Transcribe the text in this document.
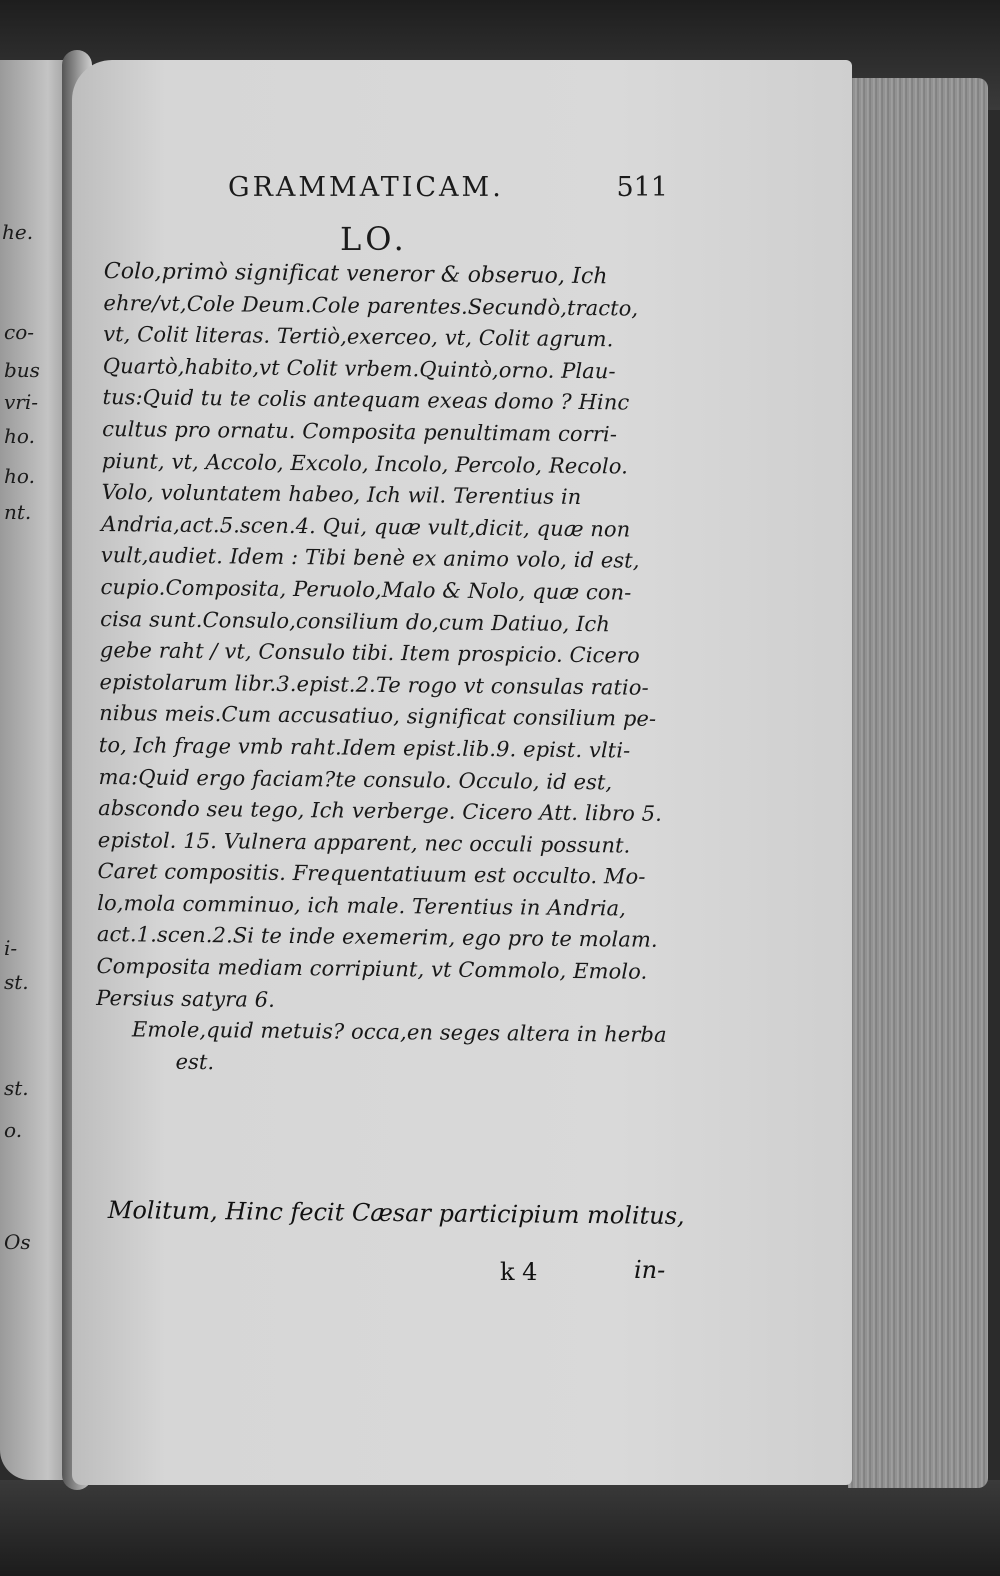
he.
co-
bus
vri-
ho.
ho.
nt.
i-
st.
st.
o.
Os
GRAMMATICAM.	511
LO.
Colo,primò significat veneror & obseruo, Ich
ehre/vt,Cole Deum.Cole parentes.Secundò,tracto,
vt, Colit literas. Tertiò,exerceo, vt, Colit agrum.
Quartò,habito,vt Colit vrbem.Quintò,orno. Plau-
tus:Quid tu te colis antequam exeas domo ? Hinc
cultus pro ornatu. Composita penultimam corri-
piunt, vt, Accolo, Excolo, Incolo, Percolo, Recolo.
Volo, voluntatem habeo, Ich wil. Terentius in
Andria,act.5.scen.4. Qui, quæ vult,dicit, quæ non
vult,audiet. Idem : Tibi benè ex animo volo, id est,
cupio.Composita, Peruolo,Malo & Nolo, quæ con-
cisa sunt.Consulo,consilium do,cum Datiuo, Ich
gebe raht / vt, Consulo tibi. Item prospicio. Cicero
epistolarum libr.3.epist.2.Te rogo vt consulas ratio-
nibus meis.Cum accusatiuo, significat consilium pe-
to, Ich frage vmb raht.Idem epist.lib.9. epist. vlti-
ma:Quid ergo faciam?te consulo. Occulo, id est,
abscondo seu tego, Ich verberge. Cicero Att. libro 5.
epistol. 15. Vulnera apparent, nec occuli possunt.
Caret compositis. Frequentatiuum est occulto. Mo-
lo,mola comminuo, ich male. Terentius in Andria,
act.1.scen.2.Si te inde exemerim, ego pro te molam.
Composita mediam corripiunt, vt Commolo, Emolo.
Persius satyra 6.
Emole,quid metuis? occa,en seges altera in herba
est.
Molitum, Hinc fecit Cæsar participium molitus,
k 4	in-
